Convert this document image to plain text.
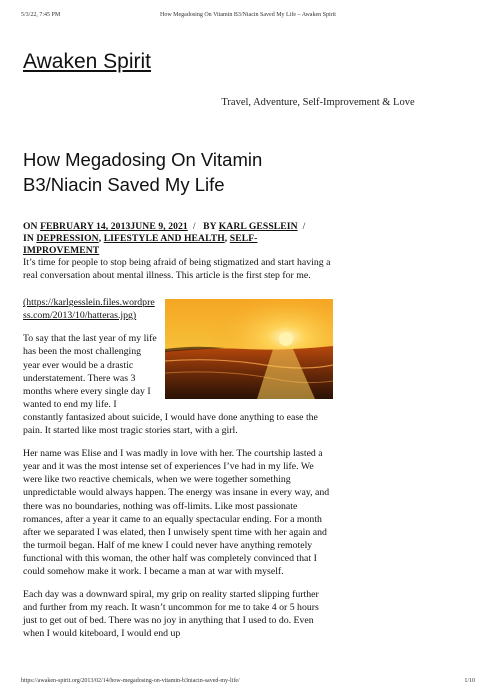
5/3/22, 7:45 PM	How Megadosing On Vitamin B3/Niacin Saved My Life – Awaken Spirit
Awaken Spirit
Travel, Adventure, Self-Improvement & Love
How Megadosing On Vitamin B3/Niacin Saved My Life
ON FEBRUARY 14, 2013JUNE 9, 2021 / BY KARL GESSLEIN / IN DEPRESSION, LIFESTYLE AND HEALTH, SELF-IMPROVEMENT

It’s time for people to stop being afraid of being stigmatized and start having a real conversation about mental illness. This article is the first step for me.

(https://karlgesslein.files.wordpress.com/2013/10/hatteras.jpg)

To say that the last year of my life has been the most challenging year ever would be a drastic understatement. There was 3 months where every single day I wanted to end my life. I constantly fantasized about suicide, I would have done anything to ease the pain. It started like most tragic stories start, with a girl.

Her name was Elise and I was madly in love with her. The courtship lasted a year and it was the most intense set of experiences I’ve had in my life. We were like two reactive chemicals, when we were together something unpredictable would always happen. The energy was insane in every way, and there was no boundaries, nothing was off-limits. Like most passionate romances, after a year it came to an equally spectacular ending. For a month after we separated I was elated, then I unwisely spent time with her again and the turmoil began. Half of me knew I could never have anything remotely functional with this woman, the other half was completely convinced that I could somehow make it work. I became a man at war with myself.

Each day was a downward spiral, my grip on reality started slipping further and further from my reach. It wasn’t uncommon for me to take 4 or 5 hours just to get out of bed. There was no joy in anything that I used to do. Even when I would kiteboard, I would end up

https://awaken-spirit.org/2013/02/14/how-megadosing-on-vitamin-b3niacin-saved-my-life/	1/10
